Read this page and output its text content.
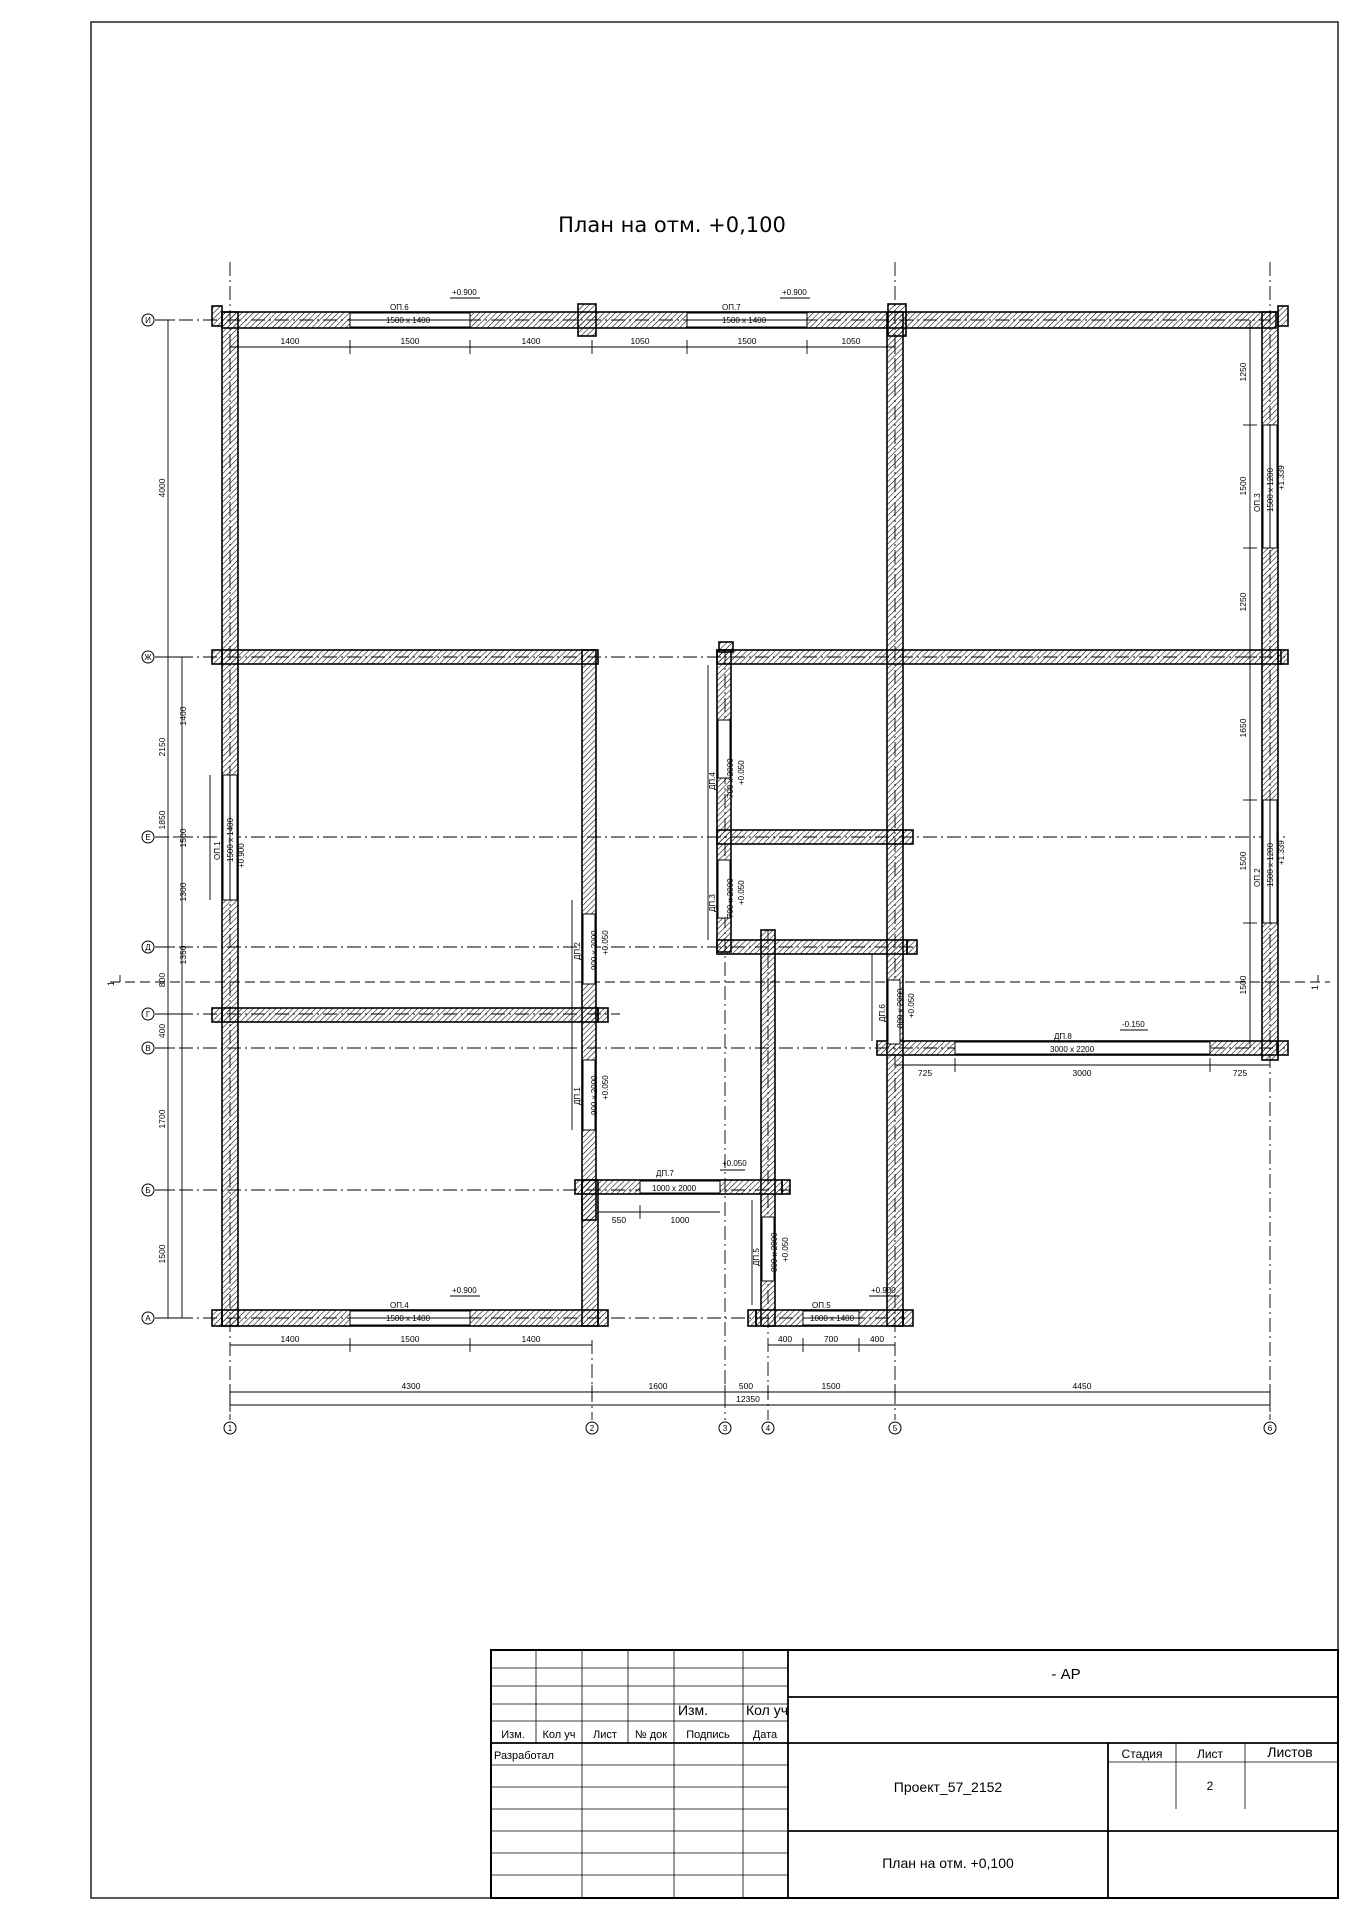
План на отм. +0,100
И
Ж
Е
Д
Г
В
Б
А
1	2	3	4	5	6
1
1
1400	1500	1400	1050	1500	1050
1400	1500	1400	400	700	400
4300	1600	500	1500	4450
12350
725	3000	725
550	1000
4000
2150
1850
800
400
1700
1500
1400
1500
1300
1350
1250
1500
1250
1650
1500
1500
ОП.6
1500 x 1400
+0.900
ОП.7
1500 x 1400
+0.900
ОП.4
1500 x 1400
+0.900
ОП.5
1000 x 1400
+0.900
ОП.1 1500 x 1400 +0.900
ОП.3 1500 x 1200 +1.339
ОП.2 1500 x 1200 +1.339
ДП.2 900 x 2000 +0.050
ДП.1 900 x 2000 +0.050
ДП.4 700 x 2000 +0.050
ДП.3 700 x 2000 +0.050
ДП.6 800 x 2000 +0.050
ДП.5 800 x 2000 +0.050
ДП.7
1000 x 2000
+0.050
ДП.8
3000 x 2200
-0.150
- АР
Изм.	Кол уч
Изм. Кол уч Лист № док Подпись Дата
Разработал
Проект_57_2152
Стадия	Лист	Листов
2
План на отм. +0,100
